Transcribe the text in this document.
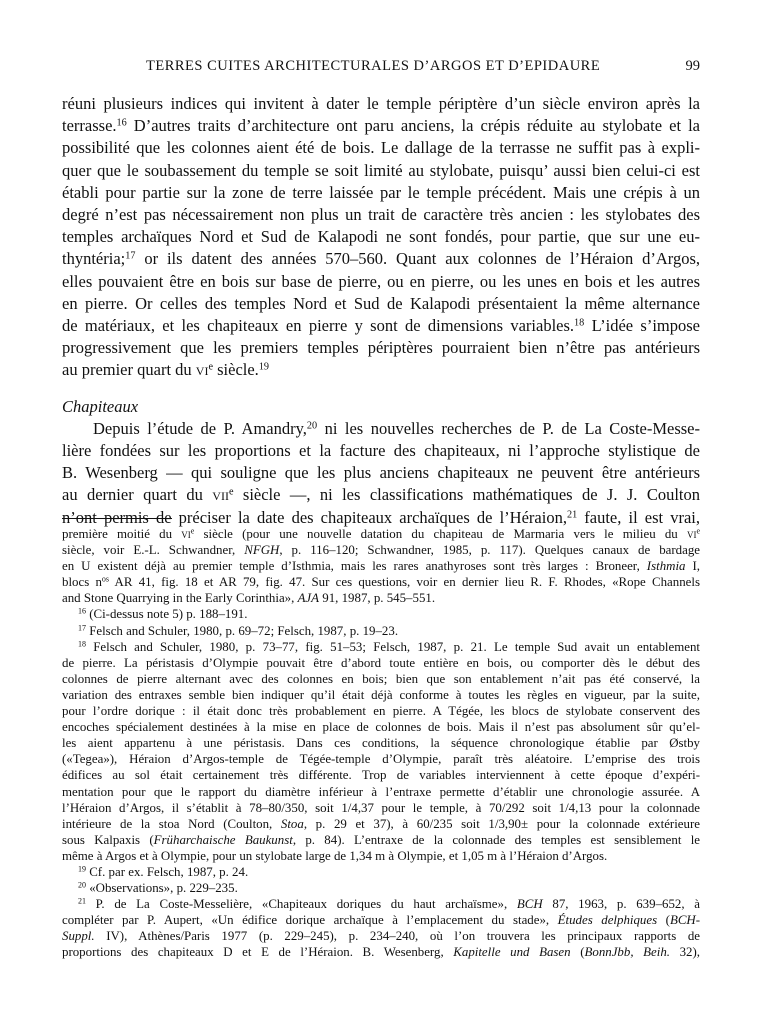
TERRES CUITES ARCHITECTURALES D’ARGOS ET D’EPIDAURE	99
réuni plusieurs indices qui invitent à dater le temple périptère d’un siècle environ après la
terrasse.$^{16}$ D’autres traits d’architecture ont paru anciens, la crépis réduite au stylobate et la
possibilité que les colonnes aient été de bois. Le dallage de la terrasse ne suffit pas à expli-
quer que le soubassement du temple se soit limité au stylobate, puisqu’ aussi bien celui-ci est
établi pour partie sur la zone de terre laissée par le temple précédent. Mais une crépis à un
degré n’est pas nécessairement non plus un trait de caractère très ancien : les stylobates des
temples archaïques Nord et Sud de Kalapodi ne sont fondés, pour partie, que sur une eu-
thyntéria;$^{17}$ or ils datent des années 570–560. Quant aux colonnes de l’Héraion d’Argos,
elles pouvaient être en bois sur base de pierre, ou en pierre, ou les unes en bois et les autres
en pierre. Or celles des temples Nord et Sud de Kalapodi présentaient la même alternance
de matériaux, et les chapiteaux en pierre y sont de dimensions variables.$^{18}$ L’idée s’impose
progressivement que les premiers temples périptères pourraient bien n’être pas antérieurs
au premier quart du $vi^e$ siècle.$^{19}$
Chapiteaux
Depuis l’étude de P. Amandry,$^{20}$ ni les nouvelles recherches de P. de La Coste-Messe-
lière fondées sur les proportions et la facture des chapiteaux, ni l’approche stylistique de
B. Wesenberg — qui souligne que les plus anciens chapiteaux ne peuvent être antérieurs
au dernier quart du vii$^e$ siècle —, ni les classifications mathématiques de J. J. Coulton
n’ont permis de préciser la date des chapiteaux archaïques de l’Héraion,$^{21}$ faute, il est vrai,
première moitié du $vi^e$ siècle (pour une nouvelle datation du chapiteau de Marmaria vers le milieu du $vi^e$
siècle, voir E.-L. Schwandner, NFGH, p. 116–120; Schwandner, 1985, p. 117). Quelques canaux de bardage
en U existent déjà au premier temple d’Isthmia, mais les rares anathyroses sont très larges : Broneer, Isthmia I,
blocs $n^{os}$ AR 41, fig. 18 et AR 79, fig. 47. Sur ces questions, voir en dernier lieu R. F. Rhodes, «Rope Channels
and Stone Quarrying in the Early Corinthia», AJA 91, 1987, p. 545–551.
$^{16}$ (Ci-dessus note 5) p. 188–191.
$^{17}$ Felsch and Schuler, 1980, p. 69–72; Felsch, 1987, p. 19–23.
$^{18}$ Felsch and Schuler, 1980, p. 73–77, fig. 51–53; Felsch, 1987, p. 21. Le temple Sud avait un entablement
de pierre. La péristasis d’Olympie pouvait être d’abord toute entière en bois, ou comporter dès le début des
colonnes de pierre alternant avec des colonnes en bois; bien que son entablement n’ait pas été conservé, la
variation des entraxes semble bien indiquer qu’il était déjà conforme à toutes les règles en vigueur, par la suite,
pour l’ordre dorique : il était donc très probablement en pierre. A Tégée, les blocs de stylobate conservent des
encoches spécialement destinées à la mise en place de colonnes de bois. Mais il n’est pas absolument sûr qu’el-
les aient appartenu à une péristasis. Dans ces conditions, la séquence chronologique établie par Østby
(«Tegea»), Héraion d’Argos-temple de Tégée-temple d’Olympie, paraît très aléatoire. L’emprise des trois
édifices au sol était certainement très différente. Trop de variables interviennent à cette époque d’expéri-
mentation pour que le rapport du diamètre inférieur à l’entraxe permette d’établir une chronologie assurée. A
l’Héraion d’Argos, il s’établit à 78–80/350, soit 1/4,37 pour le temple, à 70/292 soit 1/4,13 pour la colonnade
intérieure de la stoa Nord (Coulton, Stoa, p. 29 et 37), à 60/235 soit 1/3,90± pour la colonnade extérieure
sous Kalpaxis (Früharchaische Baukunst, p. 84). L’entraxe de la colonnade des temples est sensiblement le
même à Argos et à Olympie, pour un stylobate large de 1,34 m à Olympie, et 1,05 m à l’Héraion d’Argos.
$^{19}$ Cf. par ex. Felsch, 1987, p. 24.
$^{20}$ «Observations», p. 229–235.
$^{21}$ P. de La Coste-Messelière, «Chapiteaux doriques du haut archaïsme», BCH 87, 1963, p. 639–652, à
compléter par P. Aupert, «Un édifice dorique archaïque à l’emplacement du stade», Études delphiques (BCH-
Suppl. IV), Athènes/Paris 1977 (p. 229–245), p. 234–240, où l’on trouvera les principaux rapports de
proportions des chapiteaux D et E de l’Héraion. B. Wesenberg, Kapitelle und Basen (BonnJbb, Beih. 32),
